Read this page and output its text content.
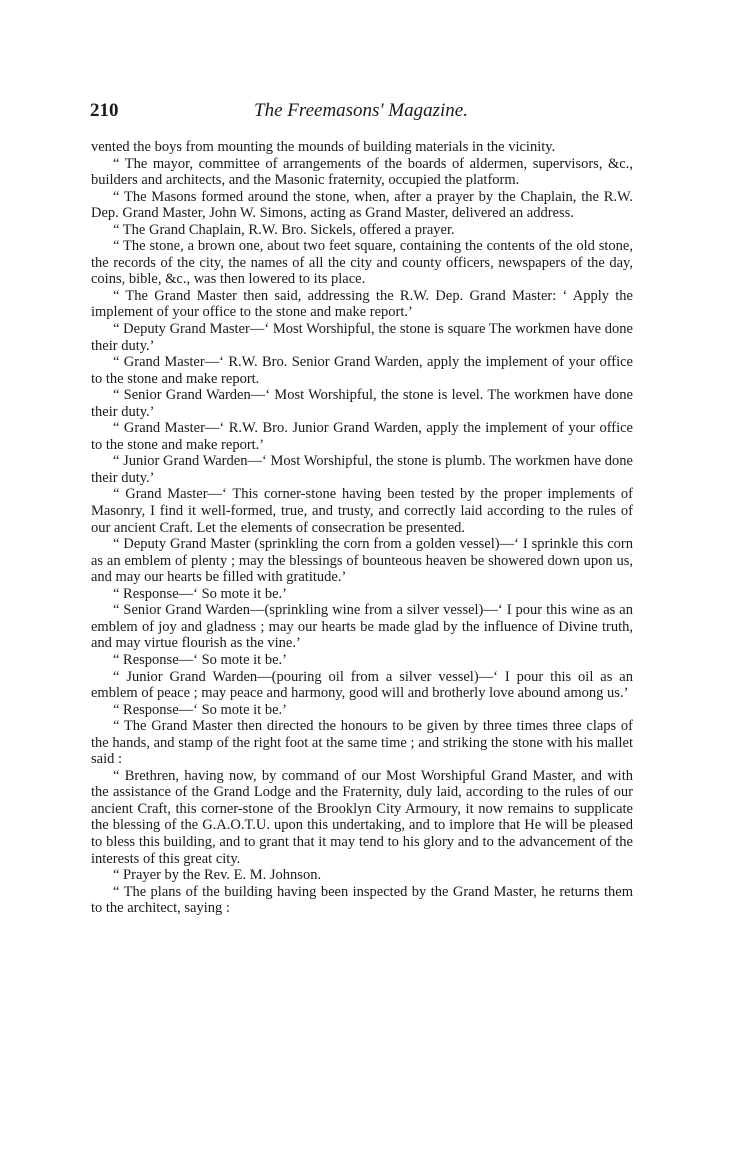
210	The Freemasons' Magazine.

vented the boys from mounting the mounds of building materials in the vicinity.

“ The mayor, committee of arrangements of the boards of aldermen, supervisors, &c., builders and architects, and the Masonic fraternity, occupied the platform.

“ The Masons formed around the stone, when, after a prayer by the Chaplain, the R.W. Dep. Grand Master, John W. Simons, acting as Grand Master, delivered an address.

“ The Grand Chaplain, R.W. Bro. Sickels, offered a prayer.

“ The stone, a brown one, about two feet square, containing the contents of the old stone, the records of the city, the names of all the city and county officers, newspapers of the day, coins, bible, &c., was then lowered to its place.

“ The Grand Master then said, addressing the R.W. Dep. Grand Master: ‘ Apply the implement of your office to the stone and make report.’

“ Deputy Grand Master—‘ Most Worshipful, the stone is square The workmen have done their duty.’

“ Grand Master—‘ R.W. Bro. Senior Grand Warden, apply the implement of your office to the stone and make report.

“ Senior Grand Warden—‘ Most Worshipful, the stone is level. The workmen have done their duty.’

“ Grand Master—‘ R.W. Bro. Junior Grand Warden, apply the implement of your office to the stone and make report.’

“ Junior Grand Warden—‘ Most Worshipful, the stone is plumb. The workmen have done their duty.’

“ Grand Master—‘ This corner-stone having been tested by the proper implements of Masonry, I find it well-formed, true, and trusty, and correctly laid according to the rules of our ancient Craft. Let the elements of consecration be presented.

“ Deputy Grand Master (sprinkling the corn from a golden vessel)—‘ I sprinkle this corn as an emblem of plenty ; may the blessings of bounteous heaven be showered down upon us, and may our hearts be filled with gratitude.’

“ Response—‘ So mote it be.’

“ Senior Grand Warden—(sprinkling wine from a silver vessel)—‘ I pour this wine as an emblem of joy and gladness ; may our hearts be made glad by the influence of Divine truth, and may virtue flourish as the vine.’

“ Response—‘ So mote it be.’

“ Junior Grand Warden—(pouring oil from a silver vessel)—‘ I pour this oil as an emblem of peace ; may peace and harmony, good will and brotherly love abound among us.’

“ Response—‘ So mote it be.’

“ The Grand Master then directed the honours to be given by three times three claps of the hands, and stamp of the right foot at the same time ; and striking the stone with his mallet said :

“ Brethren, having now, by command of our Most Worshipful Grand Master, and with the assistance of the Grand Lodge and the Fraternity, duly laid, according to the rules of our ancient Craft, this corner-stone of the Brooklyn City Armoury, it now remains to supplicate the blessing of the G.A.O.T.U. upon this undertaking, and to implore that He will be pleased to bless this building, and to grant that it may tend to his glory and to the advancement of the interests of this great city.

“ Prayer by the Rev. E. M. Johnson.

“ The plans of the building having been inspected by the Grand Master, he returns them to the architect, saying :
